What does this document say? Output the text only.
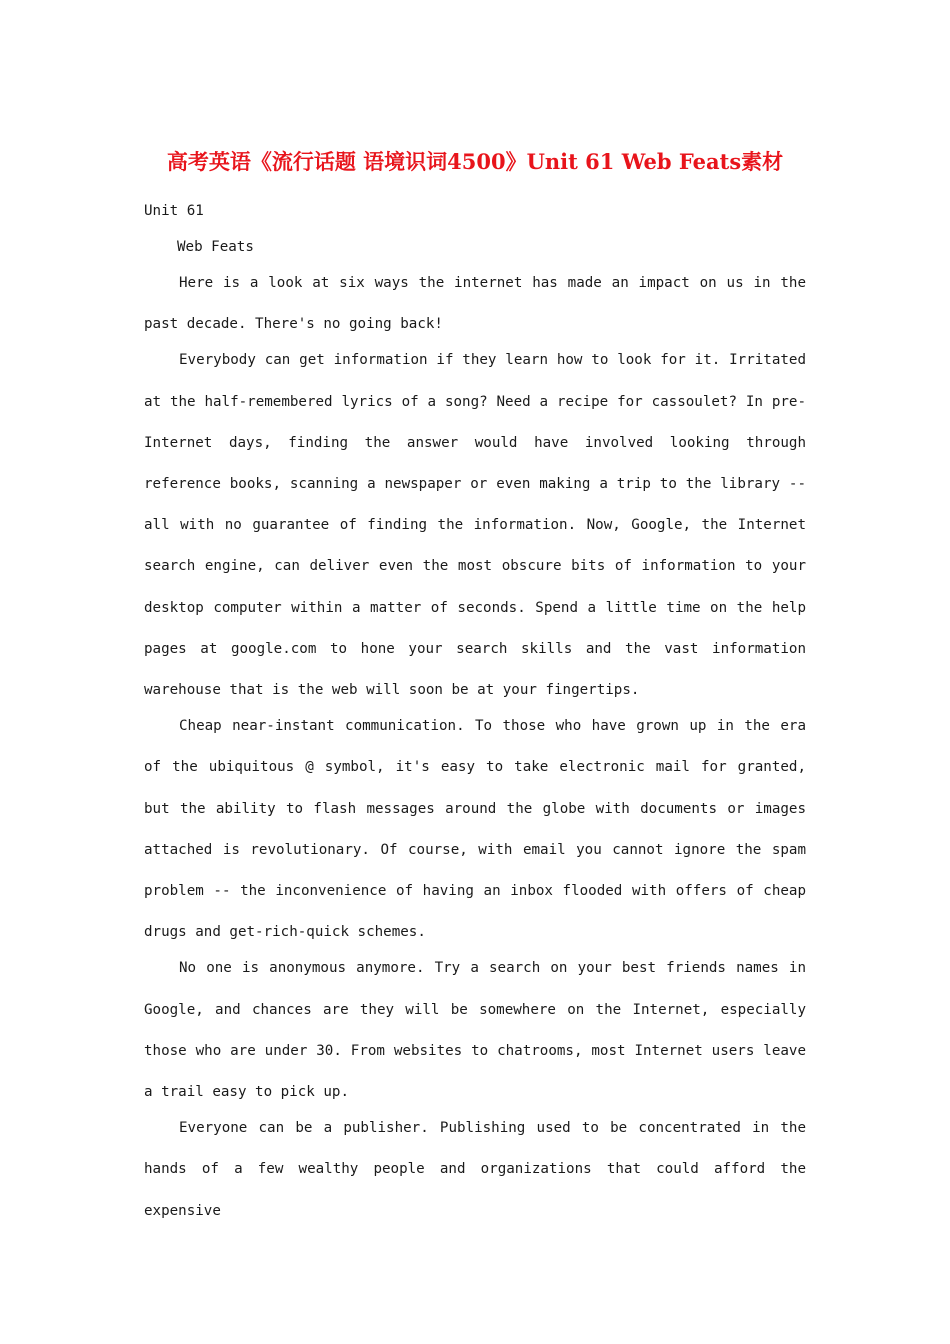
高考英语《流行话题 语境识词4500》Unit 61 Web Feats素材
Unit 61
Web Feats

Here is a look at six ways the internet has made an impact on us in the past decade. There's no going back!

Everybody can get information if they learn how to look for it. Irritated at the half-remembered lyrics of a song? Need a recipe for cassoulet? In pre-Internet days, finding the answer would have involved looking through reference books, scanning a newspaper or even making a trip to the library -- all with no guarantee of finding the information. Now, Google, the Internet search engine, can deliver even the most obscure bits of information to your desktop computer within a matter of seconds. Spend a little time on the help pages at google.com to hone your search skills and the vast information warehouse that is the web will soon be at your fingertips.

Cheap near-instant communication. To those who have grown up in the era of the ubiquitous @ symbol, it's easy to take electronic mail for granted, but the ability to flash messages around the globe with documents or images attached is revolutionary. Of course, with email you cannot ignore the spam problem -- the inconvenience of having an inbox flooded with offers of cheap drugs and get-rich-quick schemes.

No one is anonymous anymore. Try a search on your best friends names in Google, and chances are they will be somewhere on the Internet, especially those who are under 30. From websites to chatrooms, most Internet users leave a trail easy to pick up.

Everyone can be a publisher. Publishing used to be concentrated in the hands of a few wealthy people and organizations that could afford the expensive
